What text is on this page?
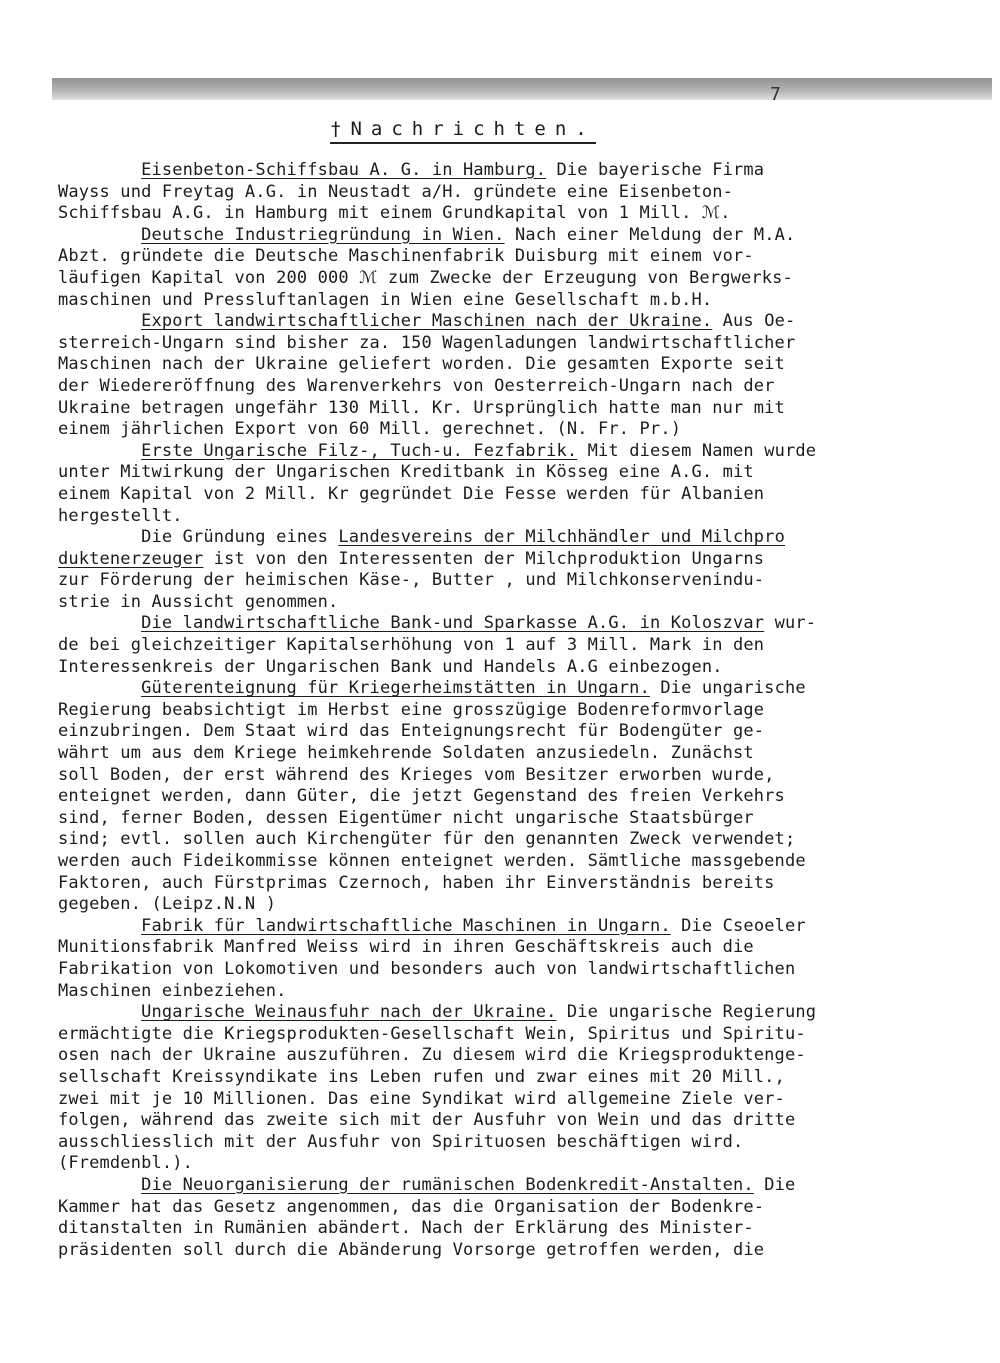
7
†Nachrichten.
Eisenbeton-Schiffsbau A. G. in Hamburg. Die bayerische Firma
Wayss und Freytag A.G. in Neustadt a/H. gründete eine Eisenbeton-
Schiffsbau A.G. in Hamburg mit einem Grundkapital von 1 Mill. ℳ.
Deutsche Industriegründung in Wien. Nach einer Meldung der M.A.
Abzt. gründete die Deutsche Maschinenfabrik Duisburg mit einem vor-
läufigen Kapital von 200 000 ℳ zum Zwecke der Erzeugung von Bergwerks-
maschinen und Pressluftanlagen in Wien eine Gesellschaft m.b.H.
Export landwirtschaftlicher Maschinen nach der Ukraine. Aus Oe-
sterreich-Ungarn sind bisher za. 150 Wagenladungen landwirtschaftlicher
Maschinen nach der Ukraine geliefert worden. Die gesamten Exporte seit
der Wiedereröffnung des Warenverkehrs von Oesterreich-Ungarn nach der
Ukraine betragen ungefähr 130 Mill. Kr. Ursprünglich hatte man nur mit
einem jährlichen Export von 60 Mill. gerechnet. (N. Fr. Pr.)
Erste Ungarische Filz-, Tuch-u. Fezfabrik. Mit diesem Namen wurde
unter Mitwirkung der Ungarischen Kreditbank in Kösseg eine A.G. mit
einem Kapital von 2 Mill. Kr gegründet Die Fesse werden für Albanien
hergestellt.
Die Gründung eines Landesvereins der Milchhändler und Milchpro
duktenerzeuger ist von den Interessenten der Milchproduktion Ungarns
zur Förderung der heimischen Käse-, Butter , und Milchkonservenindu-
strie in Aussicht genommen.
Die landwirtschaftliche Bank-und Sparkasse A.G. in Koloszvar wur-
de bei gleichzeitiger Kapitalserhöhung von 1 auf 3 Mill. Mark in den
Interessenkreis der Ungarischen Bank und Handels A.G einbezogen.
Güterenteignung für Kriegerheimstätten in Ungarn. Die ungarische
Regierung beabsichtigt im Herbst eine grosszügige Bodenreformvorlage
einzubringen. Dem Staat wird das Enteignungsrecht für Bodengüter ge-
währt um aus dem Kriege heimkehrende Soldaten anzusiedeln. Zunächst
soll Boden, der erst während des Krieges vom Besitzer erworben wurde,
enteignet werden, dann Güter, die jetzt Gegenstand des freien Verkehrs
sind, ferner Boden, dessen Eigentümer nicht ungarische Staatsbürger
sind; evtl. sollen auch Kirchengüter für den genannten Zweck verwendet;
werden auch Fideikommisse können enteignet werden. Sämtliche massgebende
Faktoren, auch Fürstprimas Czernoch, haben ihr Einverständnis bereits
gegeben. (Leipz.N.N )
Fabrik für landwirtschaftliche Maschinen in Ungarn. Die Cseoeler
Munitionsfabrik Manfred Weiss wird in ihren Geschäftskreis auch die
Fabrikation von Lokomotiven und besonders auch von landwirtschaftlichen
Maschinen einbeziehen.
Ungarische Weinausfuhr nach der Ukraine. Die ungarische Regierung
ermächtigte die Kriegsprodukten-Gesellschaft Wein, Spiritus und Spiritu-
osen nach der Ukraine auszuführen. Zu diesem wird die Kriegsproduktenge-
sellschaft Kreissyndikate ins Leben rufen und zwar eines mit 20 Mill.,
zwei mit je 10 Millionen. Das eine Syndikat wird allgemeine Ziele ver-
folgen, während das zweite sich mit der Ausfuhr von Wein und das dritte
ausschliesslich mit der Ausfuhr von Spirituosen beschäftigen wird.
(Fremdenbl.).
Die Neuorganisierung der rumänischen Bodenkredit-Anstalten. Die
Kammer hat das Gesetz angenommen, das die Organisation der Bodenkre-
ditanstalten in Rumänien abändert. Nach der Erklärung des Minister-
präsidenten soll durch die Abänderung Vorsorge getroffen werden, die
